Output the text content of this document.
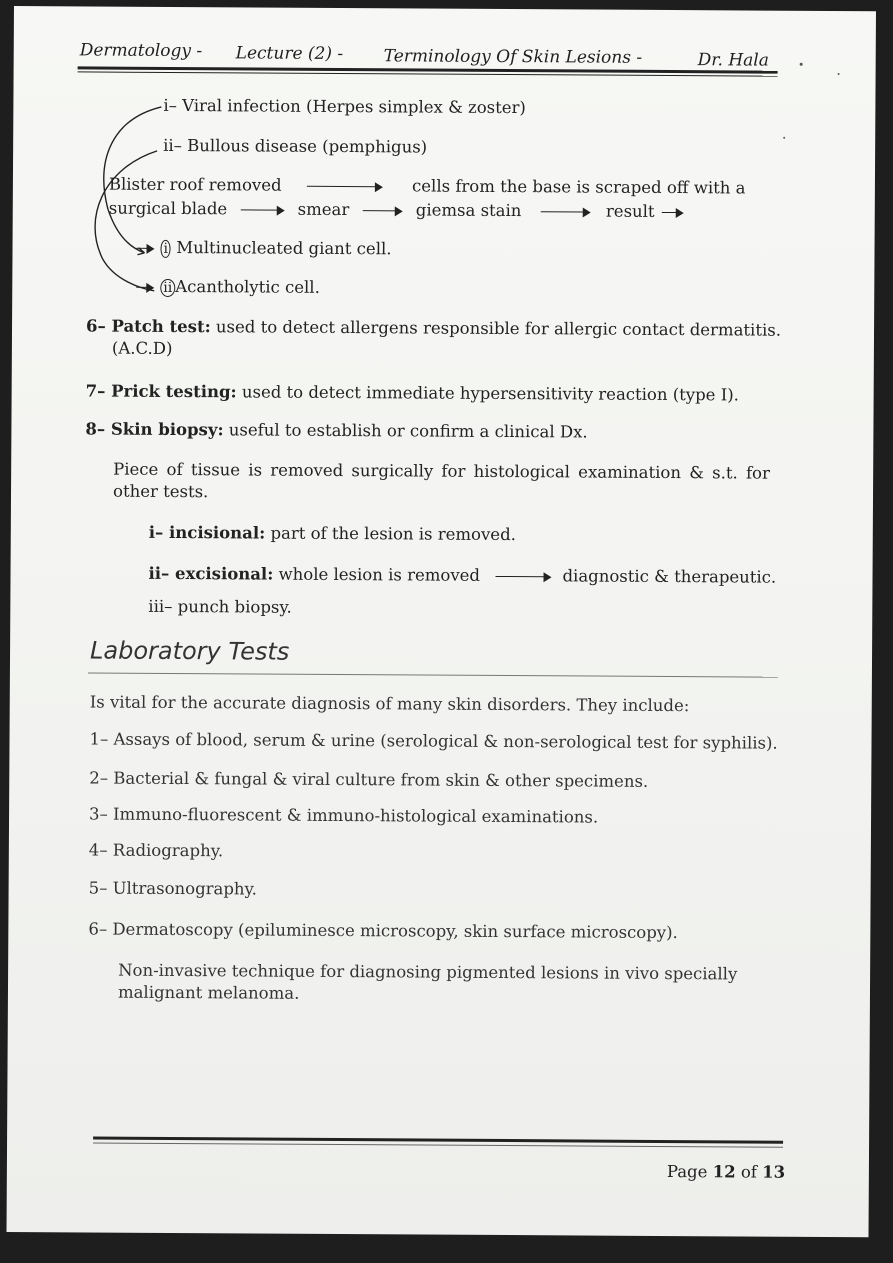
Dermatology - Lecture (2) - Terminology Of Skin Lesions -	Dr. Hala
i– Viral infection (Herpes simplex & zoster)
ii– Bullous disease (pemphigus)
Blister roof removed	cells from the base is scraped off with a
surgical blade	smear	giemsa stain	result
i Multinucleated giant cell.
ii Acantholytic cell.
6– Patch test: used to detect allergens responsible for allergic contact dermatitis.
(A.C.D)
7– Prick testing: used to detect immediate hypersensitivity reaction (type I).
8– Skin biopsy: useful to establish or confirm a clinical Dx.
Piece of tissue is removed surgically for histological examination & s.t. for
other tests.
i– incisional: part of the lesion is removed.
ii– excisional: whole lesion is removed	diagnostic & therapeutic.
iii– punch biopsy.
Laboratory Tests
Is vital for the accurate diagnosis of many skin disorders. They include:
1– Assays of blood, serum & urine (serological & non-serological test for syphilis).
2– Bacterial & fungal & viral culture from skin & other specimens.
3– Immuno-fluorescent & immuno-histological examinations.
4– Radiography.
5– Ultrasonography.
6– Dermatoscopy (epiluminesce microscopy, skin surface microscopy).
Non-invasive technique for diagnosing pigmented lesions in vivo specially
malignant melanoma.
Page 12 of 13
